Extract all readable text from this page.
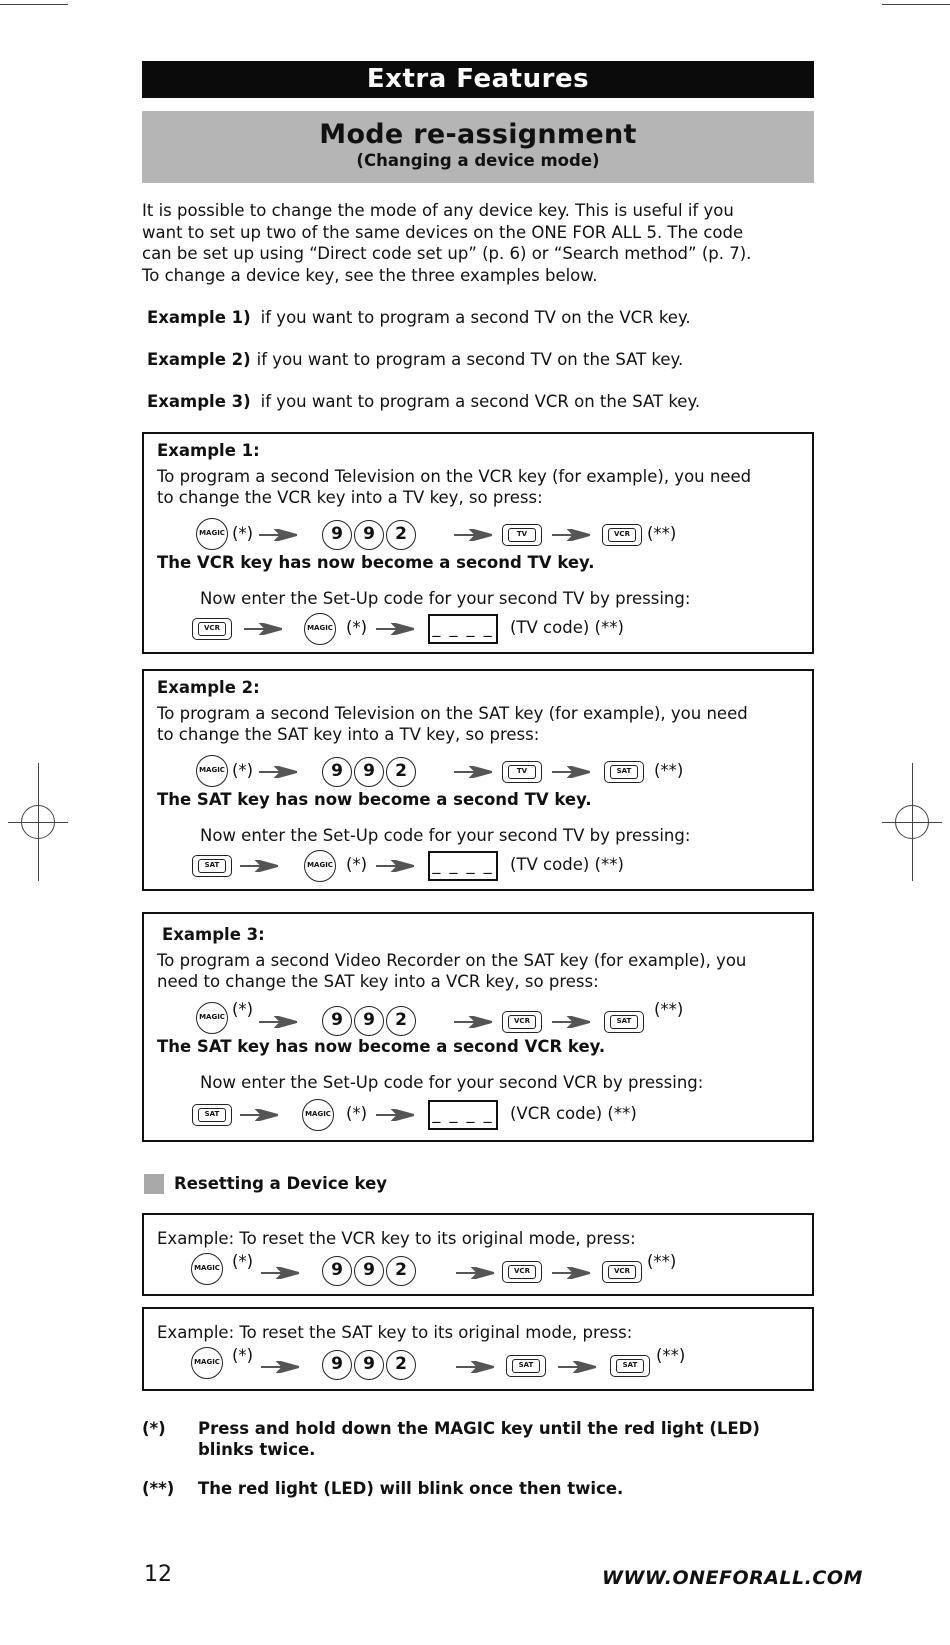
Extra Features
Mode re-assignment
(Changing a device mode)
It is possible to change the mode of any device key. This is useful if you
want to set up two of the same devices on the ONE FOR ALL 5. The code
can be set up using “Direct code set up” (p. 6) or “Search method” (p. 7).
To change a device key, see the three examples below.
Example 1) if you want to program a second TV on the VCR key.
Example 2) if you want to program a second TV on the SAT key.
Example 3) if you want to program a second VCR on the SAT key.
Example 1:
To program a second Television on the VCR key (for example), you need
to change the VCR key into a TV key, so press:
MAGIC (*)	9	9	2	TV	VCR	(**)
The VCR key has now become a second TV key.
Now enter the Set-Up code for your second TV by pressing:
VCR	MAGIC (*)	_ _ _ _ (TV code) (**)
Example 2:
To program a second Television on the SAT key (for example), you need
to change the SAT key into a TV key, so press:
MAGIC (*)	9	9	2	TV	SAT	(**)
The SAT key has now become a second TV key.
Now enter the Set-Up code for your second TV by pressing:
SAT	MAGIC (*)	_ _ _ _ (TV code) (**)
Example 3:
To program a second Video Recorder on the SAT key (for example), you
need to change the SAT key into a VCR key, so press:
MAGIC (*)
9	9	2	VCR	SAT
(**)
The SAT key has now become a second VCR key.
Now enter the Set-Up code for your second VCR by pressing:
SAT	MAGIC (*)	_ _ _ _ (VCR code) (**)
Resetting a Device key
Example: To reset the VCR key to its original mode, press:
MAGIC (*)	9	9	2	VCR	VCR	(**)
Example: To reset the SAT key to its original mode, press:
MAGIC (*)	9	9	2	SAT	SAT	(**)
(*) Press and hold down the MAGIC key until the red light (LED) blinks twice.
(**) The red light (LED) will blink once then twice.
12	WWW.ONEFORALL.COM
